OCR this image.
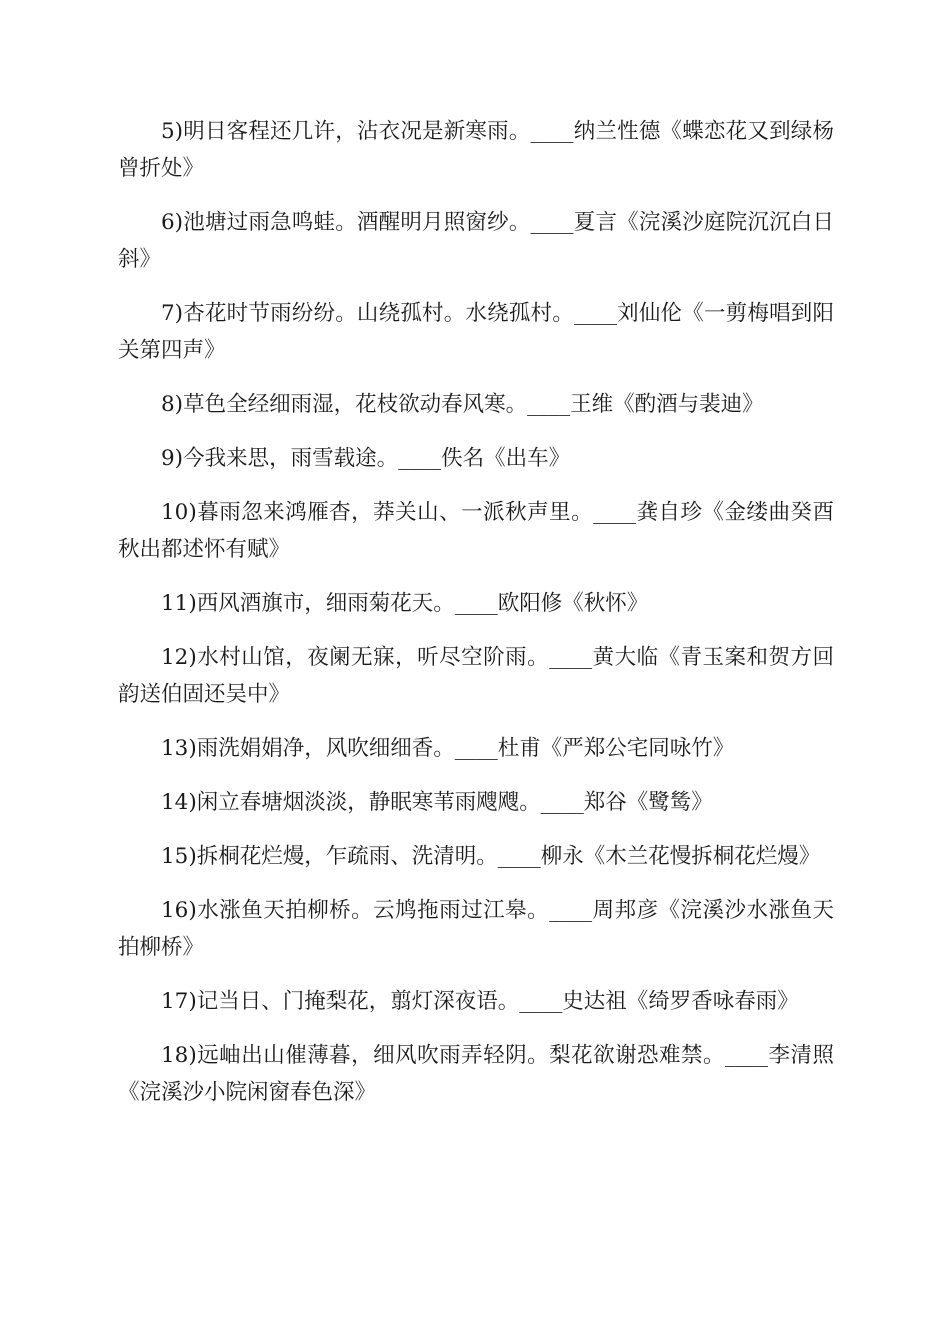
5)明日客程还几许，沾衣况是新寒雨。____纳兰性德《蝶恋花又到绿杨曾折处》

6)池塘过雨急鸣蛙。酒醒明月照窗纱。____夏言《浣溪沙庭院沉沉白日斜》

7)杏花时节雨纷纷。山绕孤村。水绕孤村。____刘仙伦《一剪梅唱到阳关第四声》

8)草色全经细雨湿，花枝欲动春风寒。____王维《酌酒与裴迪》

9)今我来思，雨雪载途。____佚名《出车》

10)暮雨忽来鸿雁杳，莽关山、一派秋声里。____龚自珍《金缕曲癸酉秋出都述怀有赋》

11)西风酒旗市，细雨菊花天。____欧阳修《秋怀》

12)水村山馆，夜阑无寐，听尽空阶雨。____黄大临《青玉案和贺方回韵送伯固还吴中》

13)雨洗娟娟净，风吹细细香。____杜甫《严郑公宅同咏竹》

14)闲立春塘烟淡淡，静眠寒苇雨飕飕。____郑谷《鹭鸶》

15)拆桐花烂熳，乍疏雨、洗清明。____柳永《木兰花慢拆桐花烂熳》

16)水涨鱼天拍柳桥。云鸠拖雨过江皋。____周邦彦《浣溪沙水涨鱼天拍柳桥》

17)记当日、门掩梨花，翦灯深夜语。____史达祖《绮罗香咏春雨》

18)远岫出山催薄暮，细风吹雨弄轻阴。梨花欲谢恐难禁。____李清照《浣溪沙小院闲窗春色深》
